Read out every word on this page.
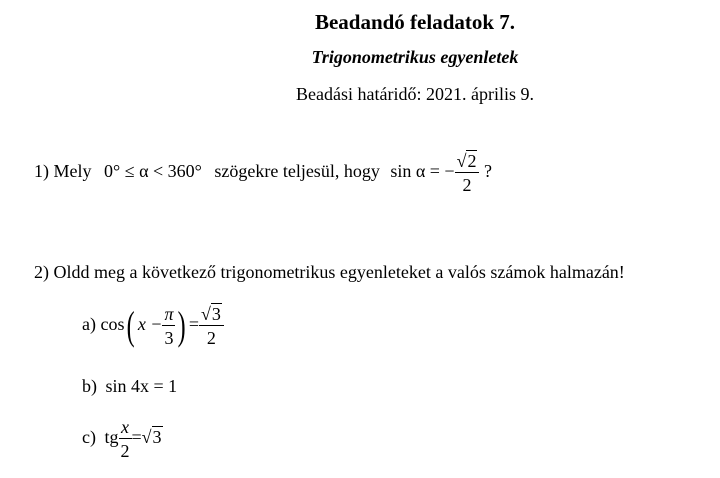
Beadandó feladatok 7.
Trigonometrikus egyenletek
Beadási határidő: 2021. április 9.
1) Mely 0° ≤ α < 360° szögekre teljesül, hogy sin α = − $\frac{√2}{2}$ ?
2) Oldd meg a következő trigonometrikus egyenleteket a valós számok halmazán!
a) cos( $x - \frac{\pi}{3}$ ) = $\frac{√3}{2}$
b) sin 4x = 1
c) tg $\frac{x}{2} =√3$
